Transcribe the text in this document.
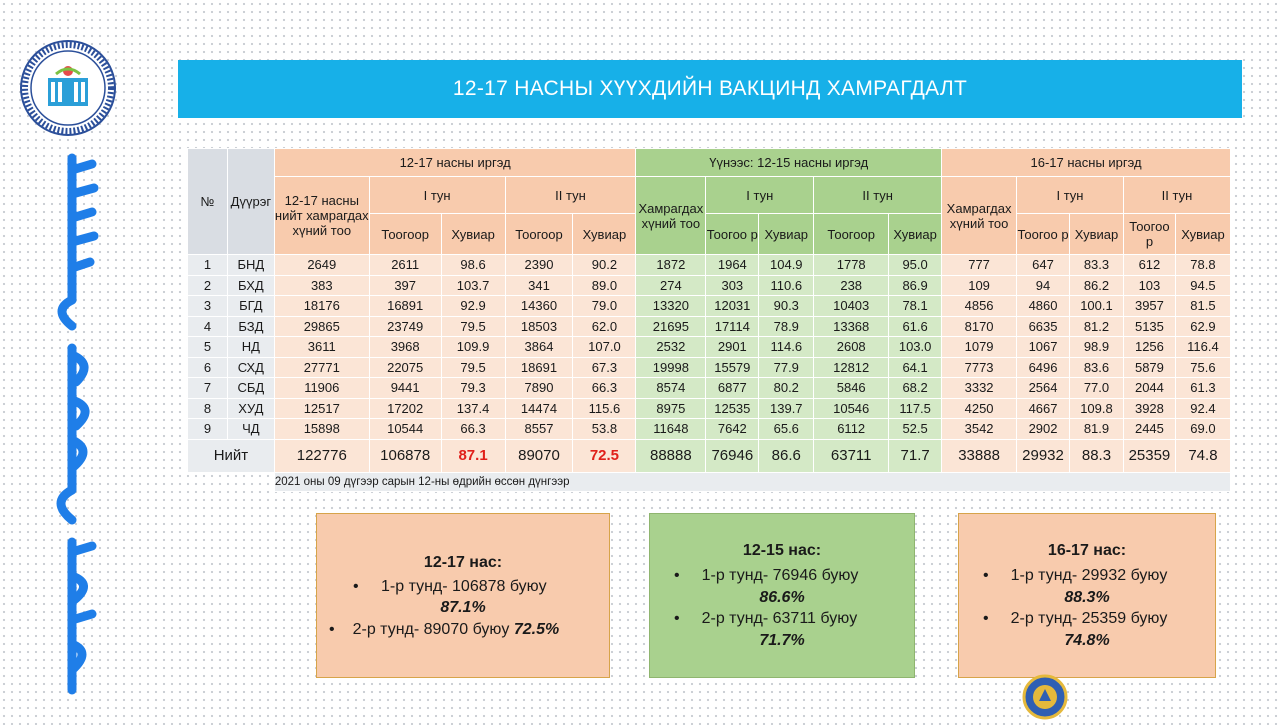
12-17 НАСНЫ ХҮҮХДИЙН ВАКЦИНД ХАМРАГДАЛТ
№	Дүүрэг	12-17 насны иргэд					Үүнээс: 12-15 насны иргэд					16-17 насны иргэд				
		12-17 насны нийт хамрагдах хүний тоо	I тун		II тун		Хамрагдах хүний тоо	I тун		II тун		Хамрагдах хүний тоо	I тун		II тун	
			Тоогоор	Хувиар	Тоогоор	Хувиар		Тоогоо р	Хувиар	Тоогоор	Хувиар		Тоогоо р	Хувиар	Тоогоо р	Хувиар
1	БНД	2649	2611	98.6	2390	90.2	1872	1964	104.9	1778	95.0	777	647	83.3	612	78.8
2	БХД	383	397	103.7	341	89.0	274	303	110.6	238	86.9	109	94	86.2	103	94.5
3	БГД	18176	16891	92.9	14360	79.0	13320	12031	90.3	10403	78.1	4856	4860	100.1	3957	81.5
4	БЗД	29865	23749	79.5	18503	62.0	21695	17114	78.9	13368	61.6	8170	6635	81.2	5135	62.9
5	НД	3611	3968	109.9	3864	107.0	2532	2901	114.6	2608	103.0	1079	1067	98.9	1256	116.4
6	СХД	27771	22075	79.5	18691	67.3	19998	15579	77.9	12812	64.1	7773	6496	83.6	5879	75.6
7	СБД	11906	9441	79.3	7890	66.3	8574	6877	80.2	5846	68.2	3332	2564	77.0	2044	61.3
8	ХУД	12517	17202	137.4	14474	115.6	8975	12535	139.7	10546	117.5	4250	4667	109.8	3928	92.4
9	ЧД	15898	10544	66.3	8557	53.8	11648	7642	65.6	6112	52.5	3542	2902	81.9	2445	69.0
Нийт		122776	106878	87.1	89070	72.5	88888	76946	86.6	63711	71.7	33888	29932	88.3	25359	74.8
		2021 оны 09 дүгээр сарын 12-ны өдрийн өссөн дүнгээр														
12-17 нас:
• 1-р тунд- 106878 буюу
87.1%
• 2-р тунд- 89070 буюу 72.5%
12-15 нас:
• 1-р тунд- 76946 буюу
86.6%
• 2-р тунд- 63711 буюу
71.7%
16-17 нас:
• 1-р тунд- 29932 буюу
88.3%
• 2-р тунд- 25359 буюу
74.8%
